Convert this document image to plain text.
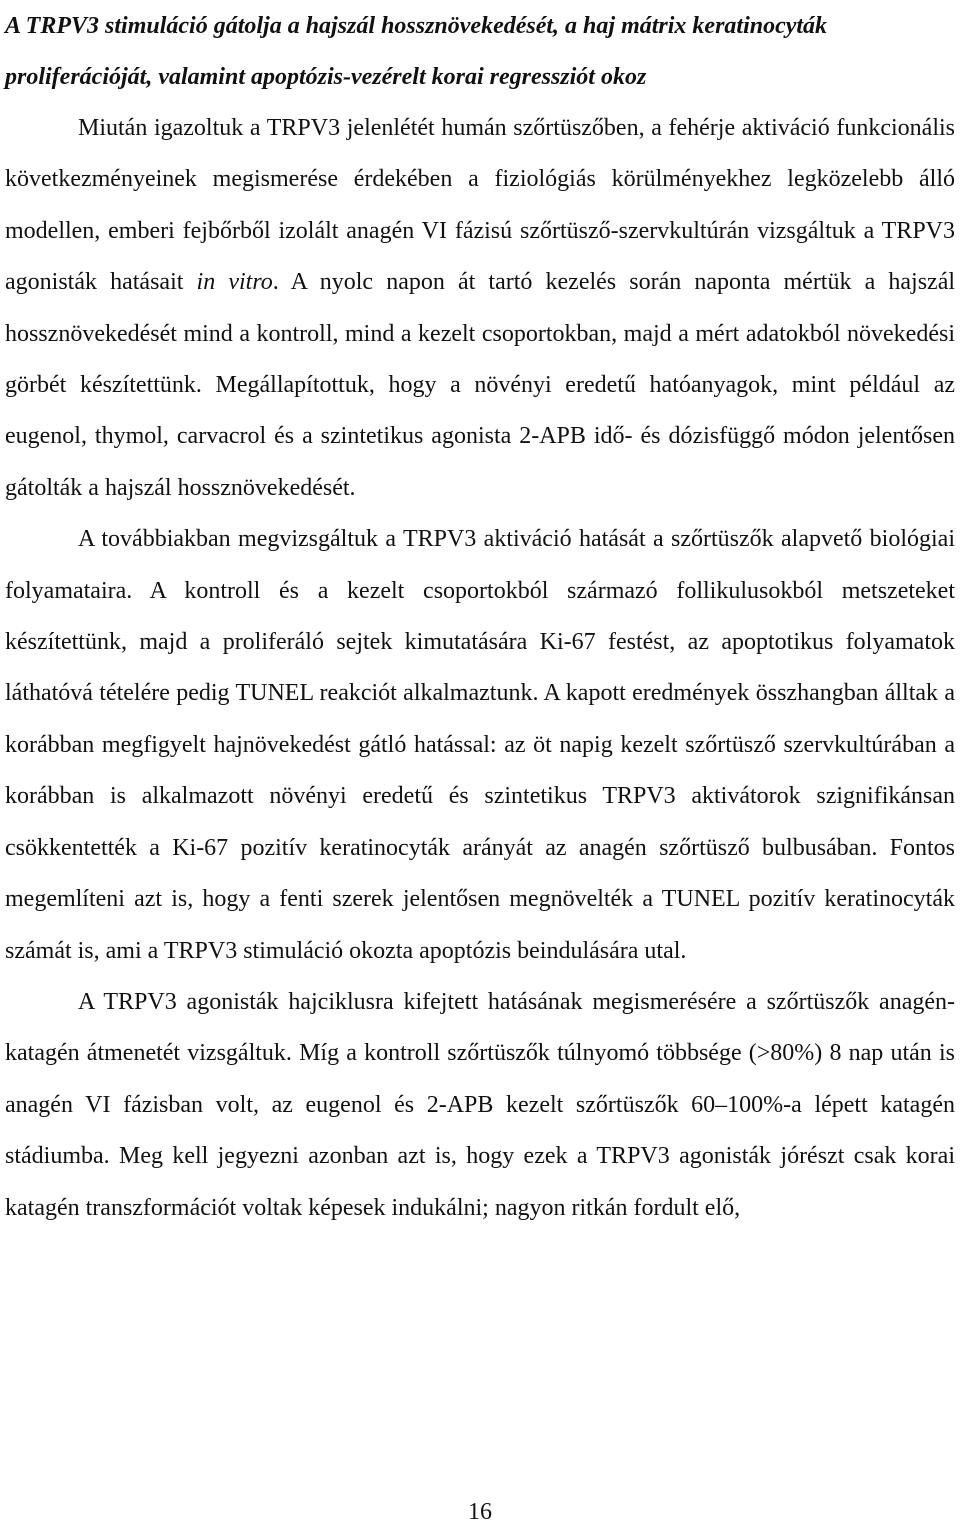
A TRPV3 stimuláció gátolja a hajszál hossznövekedését, a haj mátrix keratinocyták proliferációját, valamint apoptózis-vezérelt korai regressziót okoz

Miután igazoltuk a TRPV3 jelenlétét humán szőrtüszőben, a fehérje aktiváció funkcionális következményeinek megismerése érdekében a fiziológiás körülményekhez legközelebb álló modellen, emberi fejbőrből izolált anagén VI fázisú szőrtüsző-szervkultúrán vizsgáltuk a TRPV3 agonisták hatásait in vitro. A nyolc napon át tartó kezelés során naponta mértük a hajszál hossznövekedését mind a kontroll, mind a kezelt csoportokban, majd a mért adatokból növekedési görbét készítettünk. Megállapítottuk, hogy a növényi eredetű hatóanyagok, mint például az eugenol, thymol, carvacrol és a szintetikus agonista 2-APB idő- és dózisfüggő módon jelentősen gátolták a hajszál hossznövekedését.

A továbbiakban megvizsgáltuk a TRPV3 aktiváció hatását a szőrtüszők alapvető biológiai folyamataira. A kontroll és a kezelt csoportokból származó follikulusokból metszeteket készítettünk, majd a proliferáló sejtek kimutatására Ki-67 festést, az apoptotikus folyamatok láthatóvá tételére pedig TUNEL reakciót alkalmaztunk. A kapott eredmények összhangban álltak a korábban megfigyelt hajnövekedést gátló hatással: az öt napig kezelt szőrtüsző szervkultúrában a korábban is alkalmazott növényi eredetű és szintetikus TRPV3 aktivátorok szignifikánsan csökkentették a Ki-67 pozitív keratinocyták arányát az anagén szőrtüsző bulbusában. Fontos megemlíteni azt is, hogy a fenti szerek jelentősen megnövelték a TUNEL pozitív keratinocyták számát is, ami a TRPV3 stimuláció okozta apoptózis beindulására utal.

A TRPV3 agonisták hajciklusra kifejtett hatásának megismerésére a szőrtüszők anagén-katagén átmenetét vizsgáltuk. Míg a kontroll szőrtüszők túlnyomó többsége (>80%) 8 nap után is anagén VI fázisban volt, az eugenol és 2-APB kezelt szőrtüszők 60–100%-a lépett katagén stádiumba. Meg kell jegyezni azonban azt is, hogy ezek a TRPV3 agonisták jórészt csak korai katagén transzformációt voltak képesek indukálni; nagyon ritkán fordult elő,

16
